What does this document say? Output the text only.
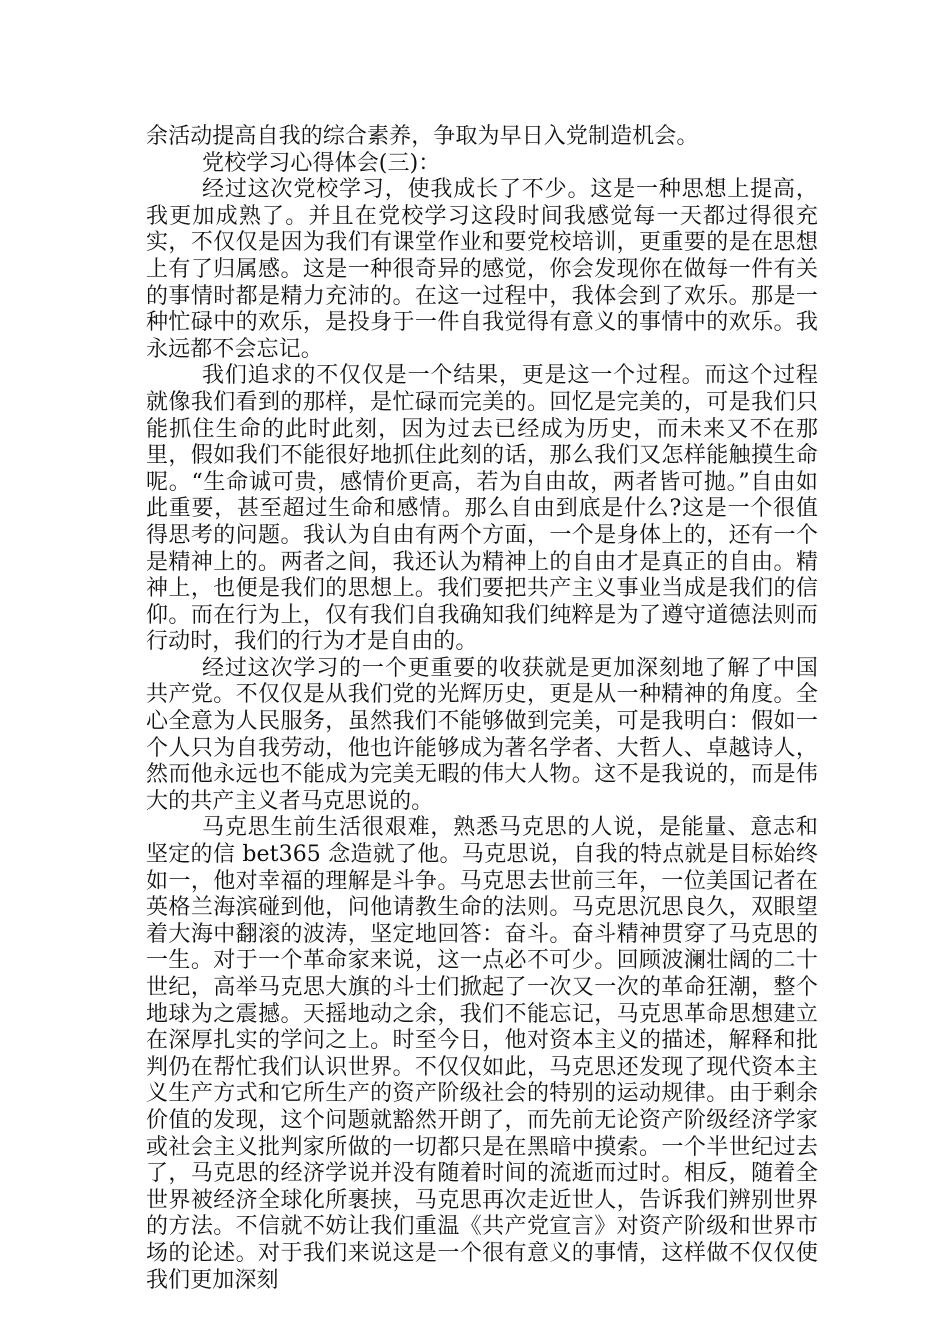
余活动提高自我的综合素养，争取为早日入党制造机会。

党校学习心得体会(三)：

经过这次党校学习，使我成长了不少。这是一种思想上提高，我更加成熟了。并且在党校学习这段时间我感觉每一天都过得很充实，不仅仅是因为我们有课堂作业和要党校培训，更重要的是在思想上有了归属感。这是一种很奇异的感觉，你会发现你在做每一件有关的事情时都是精力充沛的。在这一过程中，我体会到了欢乐。那是一种忙碌中的欢乐，是投身于一件自我觉得有意义的事情中的欢乐。我永远都不会忘记。

我们追求的不仅仅是一个结果，更是这一个过程。而这个过程就像我们看到的那样，是忙碌而完美的。回忆是完美的，可是我们只能抓住生命的此时此刻，因为过去已经成为历史，而未来又不在那里，假如我们不能很好地抓住此刻的话，那么我们又怎样能触摸生命呢。“生命诚可贵，感情价更高，若为自由故，两者皆可抛。”自由如此重要，甚至超过生命和感情。那么自由到底是什么?这是一个很值得思考的问题。我认为自由有两个方面，一个是身体上的，还有一个是精神上的。两者之间，我还认为精神上的自由才是真正的自由。精神上，也便是我们的思想上。我们要把共产主义事业当成是我们的信仰。而在行为上，仅有我们自我确知我们纯粹是为了遵守道德法则而行动时，我们的行为才是自由的。

经过这次学习的一个更重要的收获就是更加深刻地了解了中国共产党。不仅仅是从我们党的光辉历史，更是从一种精神的角度。全心全意为人民服务，虽然我们不能够做到完美，可是我明白：假如一个人只为自我劳动，他也许能够成为著名学者、大哲人、卓越诗人，然而他永远也不能成为完美无暇的伟大人物。这不是我说的，而是伟大的共产主义者马克思说的。

马克思生前生活很艰难，熟悉马克思的人说，是能量、意志和坚定的信 bet365 念造就了他。马克思说，自我的特点就是目标始终如一，他对幸福的理解是斗争。马克思去世前三年，一位美国记者在英格兰海滨碰到他，问他请教生命的法则。马克思沉思良久，双眼望着大海中翻滚的波涛，坚定地回答：奋斗。奋斗精神贯穿了马克思的一生。对于一个革命家来说，这一点必不可少。回顾波澜壮阔的二十世纪，高举马克思大旗的斗士们掀起了一次又一次的革命狂潮，整个地球为之震撼。天摇地动之余，我们不能忘记，马克思革命思想建立在深厚扎实的学问之上。时至今日，他对资本主义的描述，解释和批判仍在帮忙我们认识世界。不仅仅如此，马克思还发现了现代资本主义生产方式和它所生产的资产阶级社会的特别的运动规律。由于剩余价值的发现，这个问题就豁然开朗了，而先前无论资产阶级经济学家或社会主义批判家所做的一切都只是在黑暗中摸索。一个半世纪过去了，马克思的经济学说并没有随着时间的流逝而过时。相反，随着全世界被经济全球化所裹挟，马克思再次走近世人，告诉我们辨别世界的方法。不信就不妨让我们重温《共产党宣言》对资产阶级和世界市场的论述。对于我们来说这是一个很有意义的事情，这样做不仅仅使我们更加深刻
